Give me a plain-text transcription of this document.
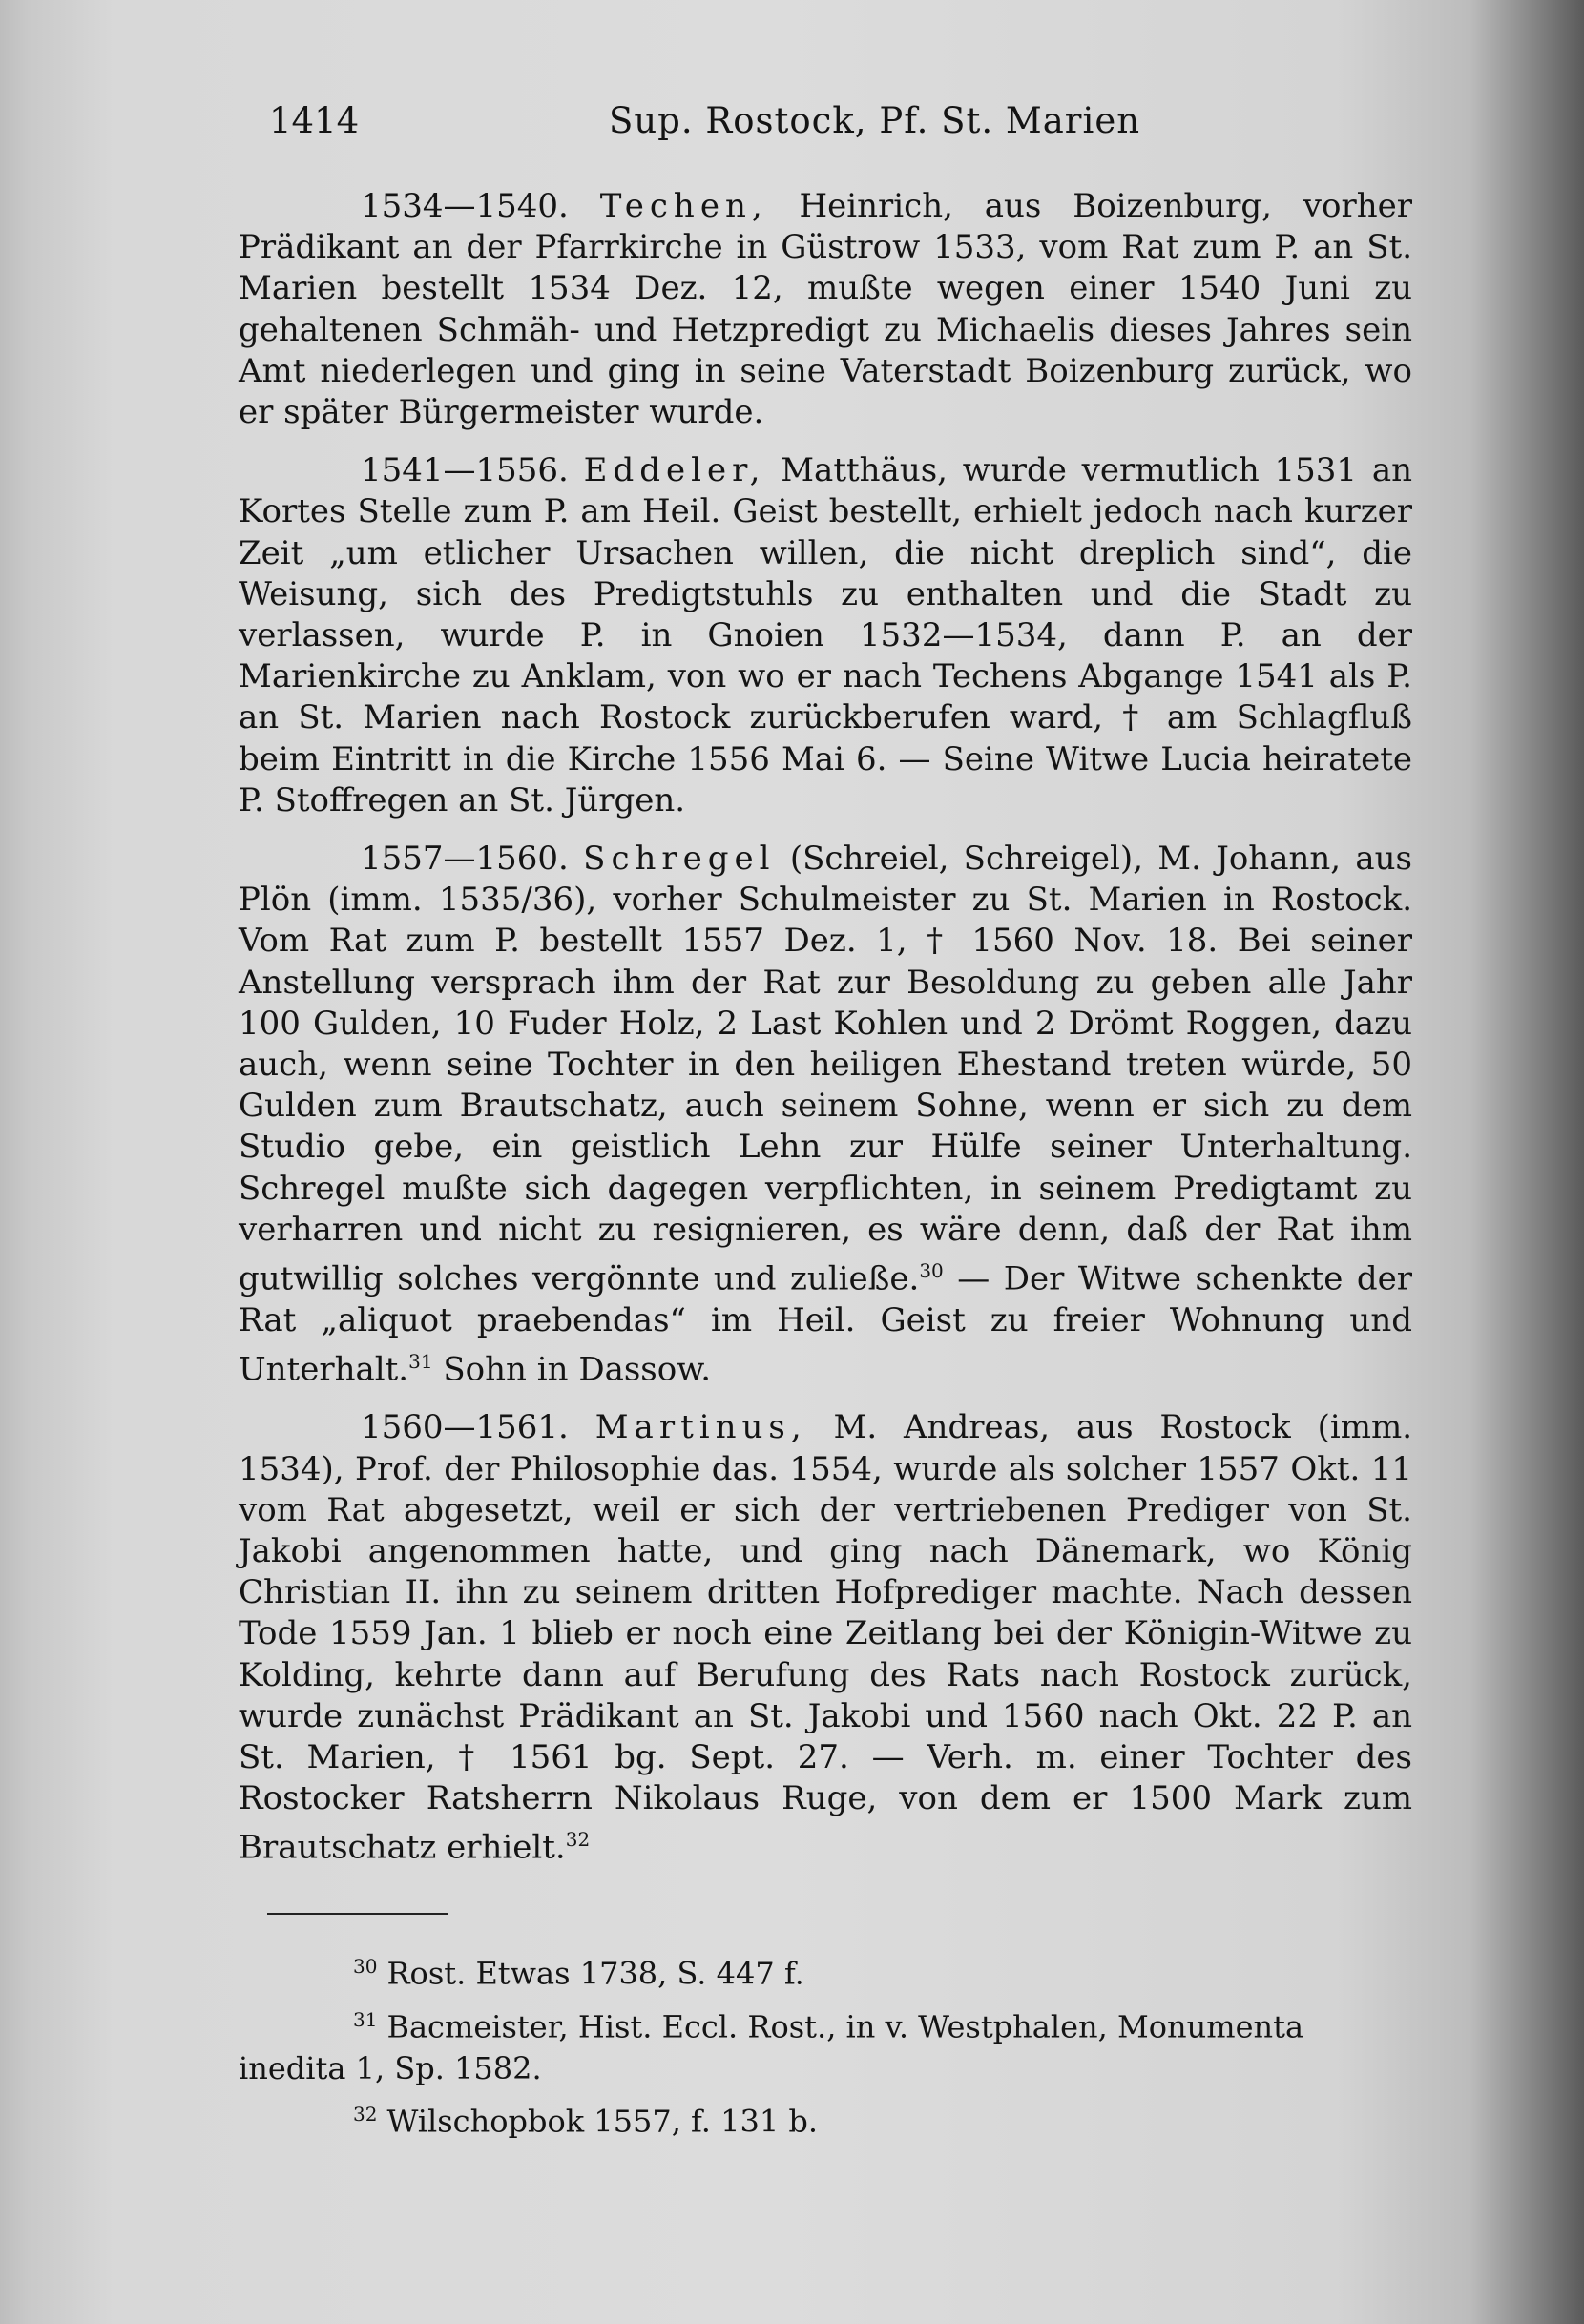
1414	Sup. Rostock, Pf. St. Marien

1534—1540. Techen, Heinrich, aus Boizenburg, vorher Prädikant an der Pfarrkirche in Güstrow 1533, vom Rat zum P. an St. Marien bestellt 1534 Dez. 12, mußte wegen einer 1540 Juni zu gehaltenen Schmäh- und Hetzpredigt zu Michaelis dieses Jahres sein Amt niederlegen und ging in seine Vaterstadt Boizenburg zurück, wo er später Bürgermeister wurde.

1541—1556. Eddeler, Matthäus, wurde vermutlich 1531 an Kortes Stelle zum P. am Heil. Geist bestellt, erhielt jedoch nach kurzer Zeit „um etlicher Ursachen willen, die nicht dreplich sind“, die Weisung, sich des Predigtstuhls zu enthalten und die Stadt zu verlassen, wurde P. in Gnoien 1532—1534, dann P. an der Marienkirche zu Anklam, von wo er nach Techens Abgange 1541 als P. an St. Marien nach Rostock zurückberufen ward, † am Schlagfluß beim Eintritt in die Kirche 1556 Mai 6. — Seine Witwe Lucia heiratete P. Stoffregen an St. Jürgen.

1557—1560. Schregel (Schreiel, Schreigel), M. Johann, aus Plön (imm. 1535/36), vorher Schulmeister zu St. Marien in Rostock. Vom Rat zum P. bestellt 1557 Dez. 1, † 1560 Nov. 18. Bei seiner Anstellung versprach ihm der Rat zur Besoldung zu geben alle Jahr 100 Gulden, 10 Fuder Holz, 2 Last Kohlen und 2 Drömt Roggen, dazu auch, wenn seine Tochter in den heiligen Ehestand treten würde, 50 Gulden zum Brautschatz, auch seinem Sohne, wenn er sich zu dem Studio gebe, ein geistlich Lehn zur Hülfe seiner Unterhaltung. Schregel mußte sich dagegen verpflichten, in seinem Predigtamt zu verharren und nicht zu resignieren, es wäre denn, daß der Rat ihm gutwillig solches vergönnte und zuließe.$^{30}$ — Der Witwe schenkte der Rat „aliquot praebendas“ im Heil. Geist zu freier Wohnung und Unterhalt.$^{31}$ Sohn in Dassow.

1560—1561. Martinus, M. Andreas, aus Rostock (imm. 1534), Prof. der Philosophie das. 1554, wurde als solcher 1557 Okt. 11 vom Rat abgesetzt, weil er sich der vertriebenen Prediger von St. Jakobi angenommen hatte, und ging nach Dänemark, wo König Christian II. ihn zu seinem dritten Hofprediger machte. Nach dessen Tode 1559 Jan. 1 blieb er noch eine Zeitlang bei der Königin-Witwe zu Kolding, kehrte dann auf Berufung des Rats nach Rostock zurück, wurde zunächst Prädikant an St. Jakobi und 1560 nach Okt. 22 P. an St. Marien, † 1561 bg. Sept. 27. — Verh. m. einer Tochter des Rostocker Ratsherrn Nikolaus Ruge, von dem er 1500 Mark zum Brautschatz erhielt.$^{32}$

$^{30}$ Rost. Etwas 1738, S. 447 f.

$^{31}$ Bacmeister, Hist. Eccl. Rost., in v. Westphalen, Monumenta inedita 1, Sp. 1582.

$^{32}$ Wilschopbok 1557, f. 131 b.
